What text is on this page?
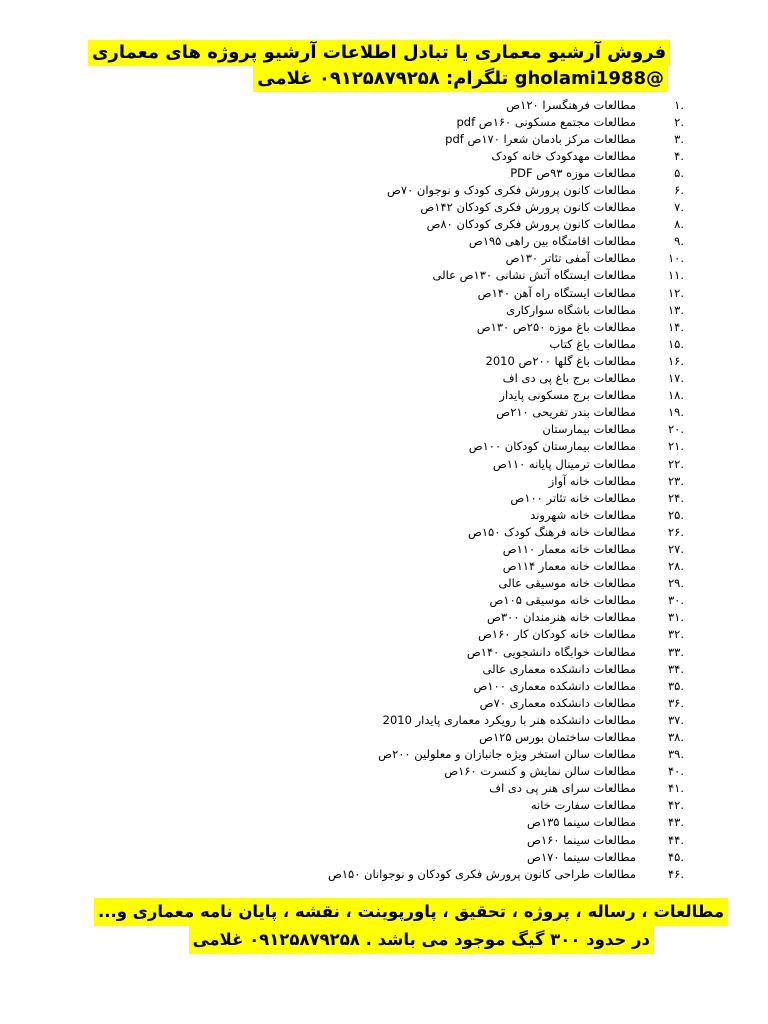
فروش آرشیو معماری یا تبادل اطلاعات آرشیو پروژه های معماری
@gholami1988 تلگرام: ۰۹۱۲۵۸۷۹۲۵۸ غلامی
۱.
مطالعات فرهنگسرا ۱۲۰ص
۲.
مطالعات مجتمع مسکونی ۱۶۰ص pdf
۳.
مطالعات مرکز بادمان شعرا ۱۷۰ص pdf
۴.
مطالعات مهدکودک خانه کودک
۵.
مطالعات موزه ۹۳ص PDF
۶.
مطالعات کانون پرورش فکری کودک و نوجوان ۷۰ص
۷.
مطالعات کانون پرورش فکری کودکان ۱۴۲ص
۸.
مطالعات کانون پرورش فکری کودکان ۸۰ص
۹.
مطالعات اقامتگاه بین راهی ۱۹۵ص
۱۰.
مطالعات آمفی تئاتر ۱۳۰ص
۱۱.
مطالعات ایستگاه آتش نشانی ۱۳۰ص عالی
۱۲.
مطالعات ایستگاه راه آهن ۱۴۰ص
۱۳.
مطالعات باشگاه سوارکاری
۱۴.
مطالعات باغ موزه ۲۵۰ص ۱۳۰ص
۱۵.
مطالعات باغ کتاب
۱۶.
مطالعات باغ گلها ۲۰۰ص 2010
۱۷.
مطالعات برج باغ پی دی اف
۱۸.
مطالعات برج مسکونی پایدار
۱۹.
مطالعات بندر تفریحی ۲۱۰ص
۲۰.
مطالعات بیمارستان
۲۱.
مطالعات بیمارستان کودکان ۱۰۰ص
۲۲.
مطالعات ترمینال پایانه ۱۱۰ص
۲۳.
مطالعات خانه آواز
۲۴.
مطالعات خانه تئاتر ۱۰۰ص
۲۵.
مطالعات خانه شهروند
۲۶.
مطالعات خانه فرهنگ کودک ۱۵۰ص
۲۷.
مطالعات خانه معمار ۱۱۰ص
۲۸.
مطالعات خانه معمار ۱۱۴ص
۲۹.
مطالعات خانه موسیقی عالی
۳۰.
مطالعات خانه موسیقی ۱۰۵ص
۳۱.
مطالعات خانه هنرمندان ۳۰۰ص
۳۲.
مطالعات خانه کودکان کار ۱۶۰ص
۳۳.
مطالعات خوابگاه دانشجویی ۱۴۰ص
۳۴.
مطالعات دانشکده معماری عالی
۳۵.
مطالعات دانشکده معماری ۱۰۰ص
۳۶.
مطالعات دانشکده معماری ۷۰ص
۳۷.
مطالعات دانشکده هنر با رویکرد معماری پایدار 2010
۳۸.
مطالعات ساختمان بورس ۱۲۵ص
۳۹.
مطالعات سالن استخر ویژه جانبازان و معلولین ۲۰۰ص
۴۰.
مطالعات سالن نمایش و کنسرت ۱۶۰ص
۴۱.
مطالعات سرای هنر پی دی اف
۴۲.
مطالعات سفارت خانه
۴۳.
مطالعات سینما ۱۳۵ص
۴۴.
مطالعات سینما ۱۶۰ص
۴۵.
مطالعات سینما ۱۷۰ص
۴۶.
مطالعات طراحی کانون پرورش فکری کودکان و نوجوانان ۱۵۰ص
مطالعات ، رساله ، پروژه ، تحقیق ، پاورپوینت ، نقشه ، پایان نامه معماری و...
در حدود ۳۰۰ گیگ موجود می باشد . ۰۹۱۲۵۸۷۹۲۵۸ غلامی
